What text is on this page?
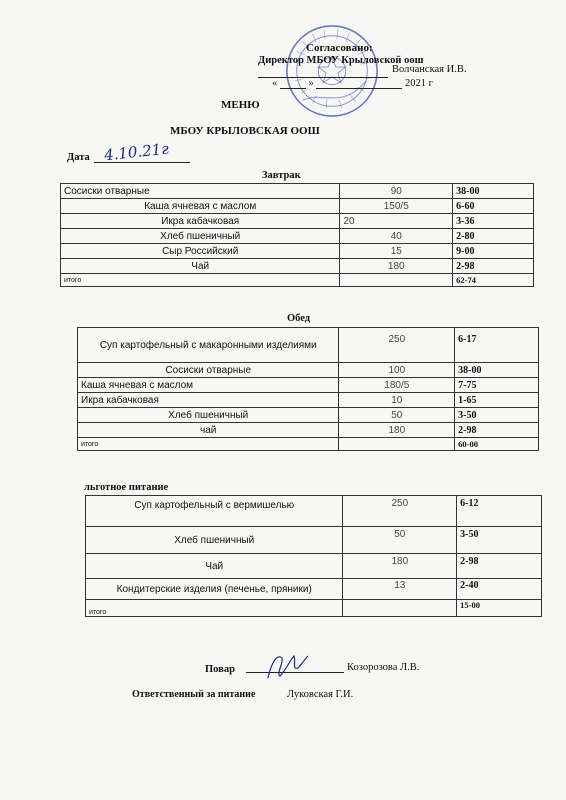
Согласовано:
Директор МБОУ Крыловской оош
Волчанская И.В.
«	»	2021 г
МЕНЮ
МБОУ КРЫЛОВСКАЯ ООШ
Дата 4.10.21г
Завтрак
Сосиски отварные	90	38-00
Каша ячневая с маслом	150/5	6-60
Икра кабачковая	20	3-36
Хлеб пшеничный	40	2-80
Сыр Российский	15	9-00
Чай	180	2-98
итого		62-74
Обед
Суп картофельный с макаронными изделиями	250	6-17
Сосиски отварные	100	38-00
Каша ячневая с маслом	180/5	7-75
Икра кабачковая	10	1-65
Хлеб пшеничный	50	3-50
чай	180	2-98
итого		60-00
льготное питание
Суп картофельный с вермишелью	250	6-12
Хлеб пшеничный	50	3-50
Чай	180	2-98
Кондитерские изделия (печенье, пряники)	13	2-40
итого		15-00
Повар	Козорозова Л.В.
Ответственный за питание	Луковская Г.И.
